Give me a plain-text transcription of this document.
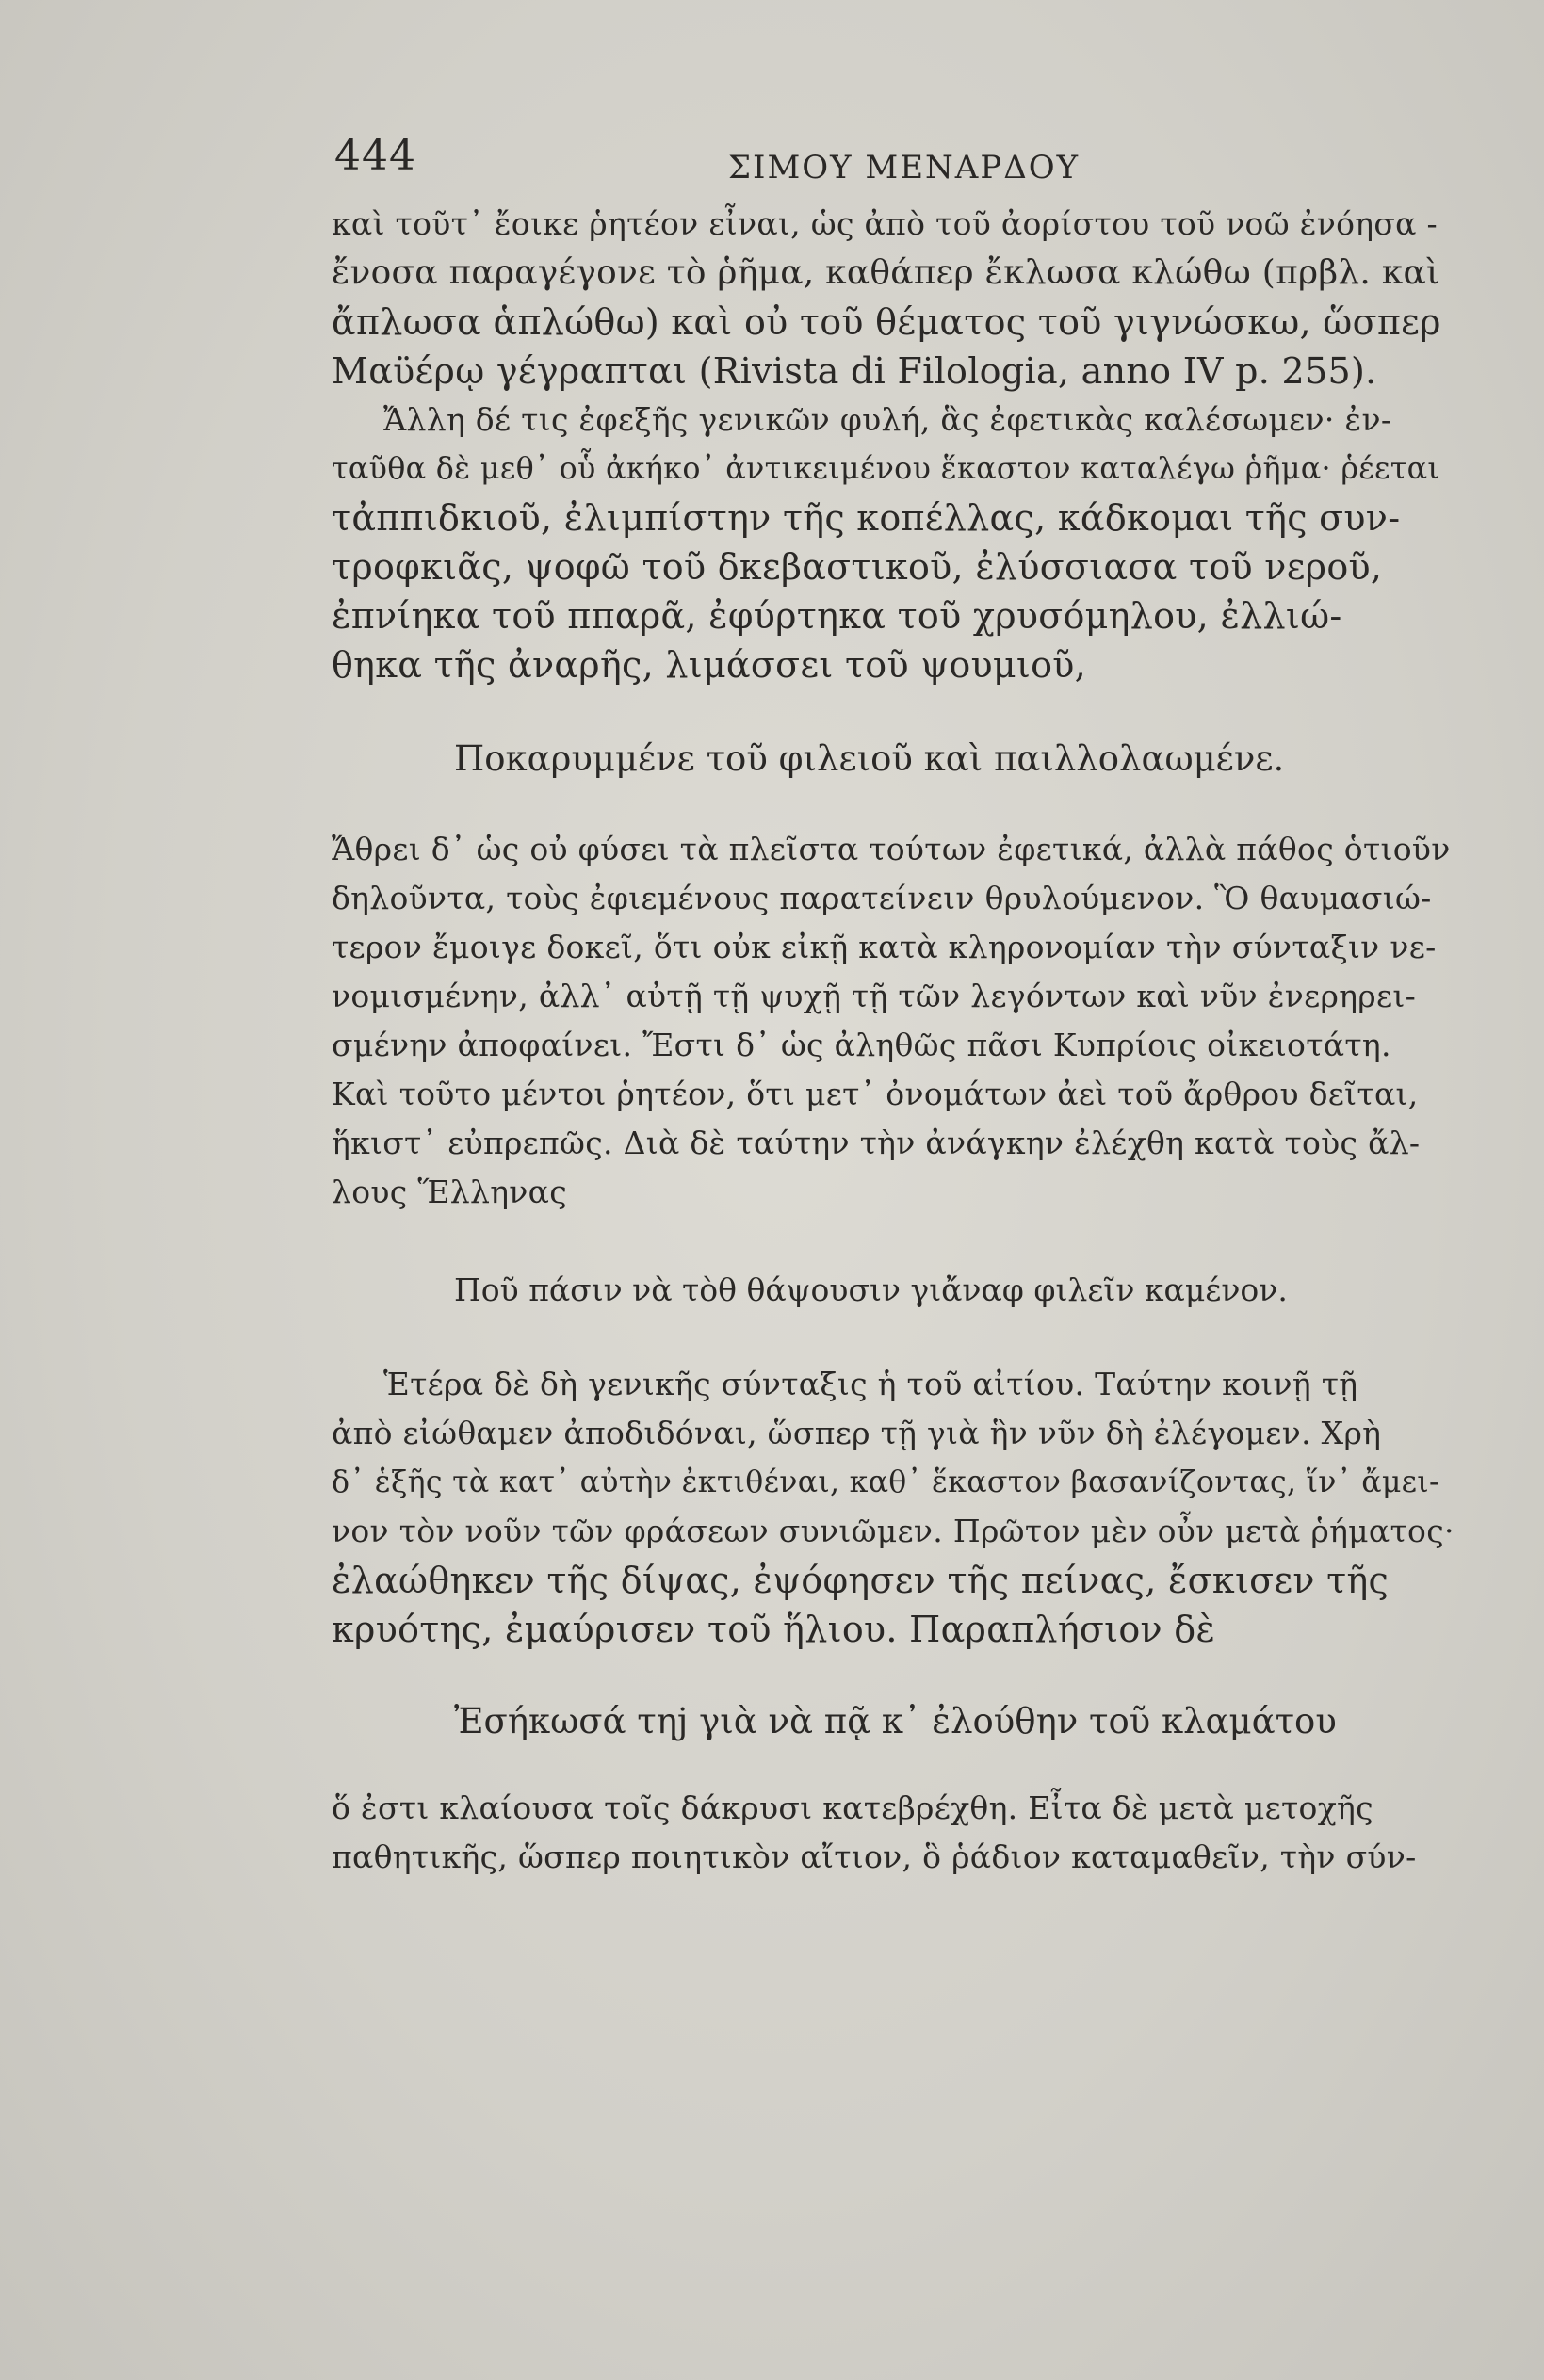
444	ΣΙΜΟΥ ΜΕΝΑΡΔΟΥ
καὶ τοῦτ᾽ ἔοικε ῥητέον εἶναι, ὡς ἀπὸ τοῦ ἀορίστου τοῦ νοῶ ἐνόησα -
ἔνοσα παραγέγονε τὸ ῥῆμα, καθάπερ ἔκλωσα κλώθω (πρβλ. καὶ
ἄπλωσα ἁπλώθω) καὶ οὐ τοῦ θέματος τοῦ γιγνώσκω, ὥσπερ
Μαϋέρῳ γέγραπται (Rivista di Filologia, anno IV p. 255).
Ἄλλη δέ τις ἐφεξῆς γενικῶν φυλή, ἃς ἐφετικὰς καλέσωμεν· ἐν-
ταῦθα δὲ μεθ᾽ οὗ ἀκήκο᾽ ἀντικειμένου ἕκαστον καταλέγω ῥῆμα· ῥέεται
τἀππιδκιοῦ, ἐλιμπίστην τῆς κοπέλλας, κάδκομαι τῆς συν-
τροφκιᾶς, ψοφῶ τοῦ δκεβαστικοῦ, ἐλύσσιασα τοῦ νεροῦ,
ἐπνίηκα τοῦ ππαρᾶ, ἐφύρτηκα τοῦ χρυσόμηλου, ἐλλιώ-
θηκα τῆς ἀναρῆς, λιμάσσει τοῦ ψουμιοῦ,
Ποκαρυμμένε τοῦ φιλειοῦ καὶ παιλλολαωμένε.
Ἄθρει δ᾽ ὡς οὐ φύσει τὰ πλεῖστα τούτων ἐφετικά, ἀλλὰ πάθος ὁτιοῦν
δηλοῦντα, τοὺς ἐφιεμένους παρατείνειν θρυλούμενον. Ὃ θαυμασιώ-
τερον ἔμοιγε δοκεῖ, ὅτι οὐκ εἰκῇ κατὰ κληρονομίαν τὴν σύνταξιν νε-
νομισμένην, ἀλλ᾽ αὐτῇ τῇ ψυχῇ τῇ τῶν λεγόντων καὶ νῦν ἐνερηρει-
σμένην ἀποφαίνει. Ἔστι δ᾽ ὡς ἀληθῶς πᾶσι Κυπρίοις οἰκειοτάτη.
Καὶ τοῦτο μέντοι ῥητέον, ὅτι μετ᾽ ὀνομάτων ἀεὶ τοῦ ἄρθρου δεῖται,
ἥκιστ᾽ εὐπρεπῶς. Διὰ δὲ ταύτην τὴν ἀνάγκην ἐλέχθη κατὰ τοὺς ἄλ-
λους Ἕλληνας
Ποῦ πάσιν νὰ τὸθ θάψουσιν γιἄναφ φιλεῖν καμένον.
Ἑτέρα δὲ δὴ γενικῆς σύνταξις ἡ τοῦ αἰτίου. Ταύτην κοινῇ τῇ
ἀπὸ εἰώθαμεν ἀποδιδόναι, ὥσπερ τῇ γιὰ ἣν νῦν δὴ ἐλέγομεν. Χρὴ
δ᾽ ἑξῆς τὰ κατ᾽ αὐτὴν ἐκτιθέναι, καθ᾽ ἕκαστον βασανίζοντας, ἵν᾽ ἄμει-
νον τὸν νοῦν τῶν φράσεων συνιῶμεν. Πρῶτον μὲν οὖν μετὰ ῥήματος·
ἐλαώθηκεν τῆς δίψας, ἐψόφησεν τῆς πείνας, ἔσκισεν τῆς
κρυότης, ἐμαύρισεν τοῦ ἥλιου. Παραπλήσιον δὲ
Ἐσήκωσά τηj γιὰ νὰ πᾷ κ᾽ ἐλούθην τοῦ κλαμάτου
ὅ ἐστι κλαίουσα τοῖς δάκρυσι κατεβρέχθη. Εἶτα δὲ μετὰ μετοχῆς
παθητικῆς, ὥσπερ ποιητικὸν αἴτιον, ὃ ῥάδιον καταμαθεῖν, τὴν σύν-
